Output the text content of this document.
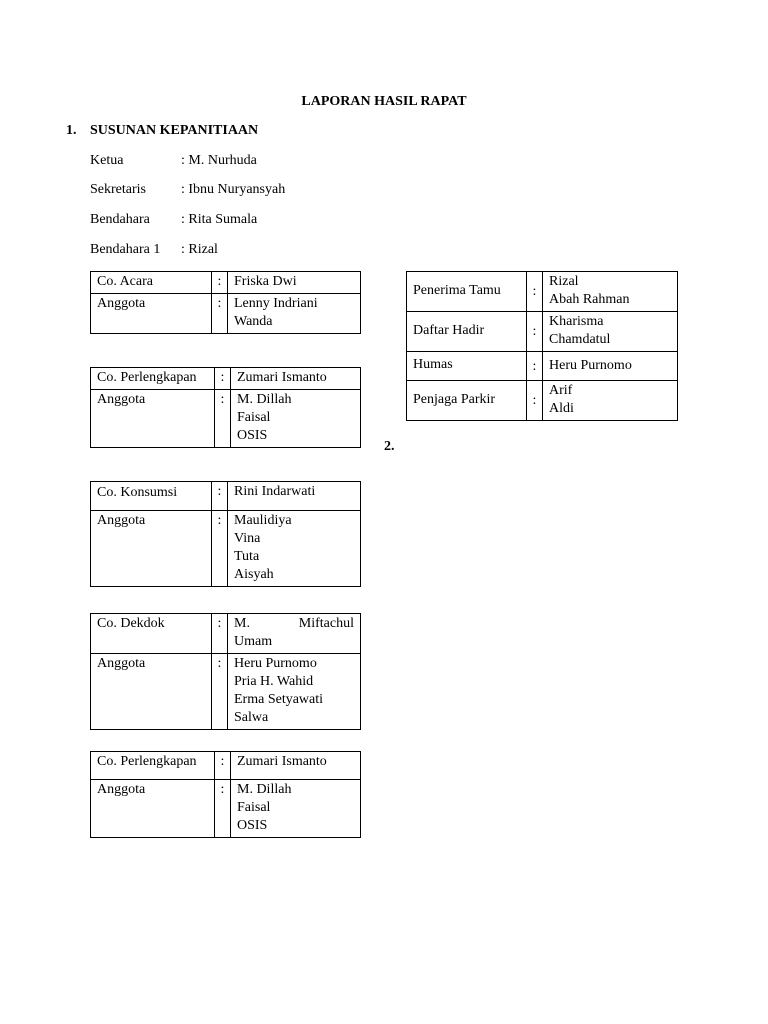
LAPORAN HASIL RAPAT
1. SUSUNAN KEPANITIAAN
Ketua	: M. Nurhuda
Sekretaris	: Ibnu Nuryansyah
Bendahara : Rita Sumala
Bendahara 1 : Rizal
Co. Acara	:	Friska Dwi
Anggota	:	Lenny Indriani
Wanda
Co. Perlengkapan	:	Zumari Ismanto
Anggota	:	M. Dillah
Faisal
OSIS
Co. Konsumsi	:	Rini Indarwati
Anggota	:	Maulidiya
Vina
Tuta
Aisyah
Co. Dekdok	:	M. Miftachul
Umam

Anggota	:	Heru Purnomo
Pria H. Wahid
Erma Setyawati
Salwa
Co. Perlengkapan	:	Zumari Ismanto
Anggota	:	M. Dillah
Faisal
OSIS
Penerima Tamu	:	Rizal
Abah Rahman

Daftar Hadir	:	Kharisma
Chamdatul

Humas	:	Heru Purnomo

Penjaga Parkir	:	Arif
Aldi
2.
